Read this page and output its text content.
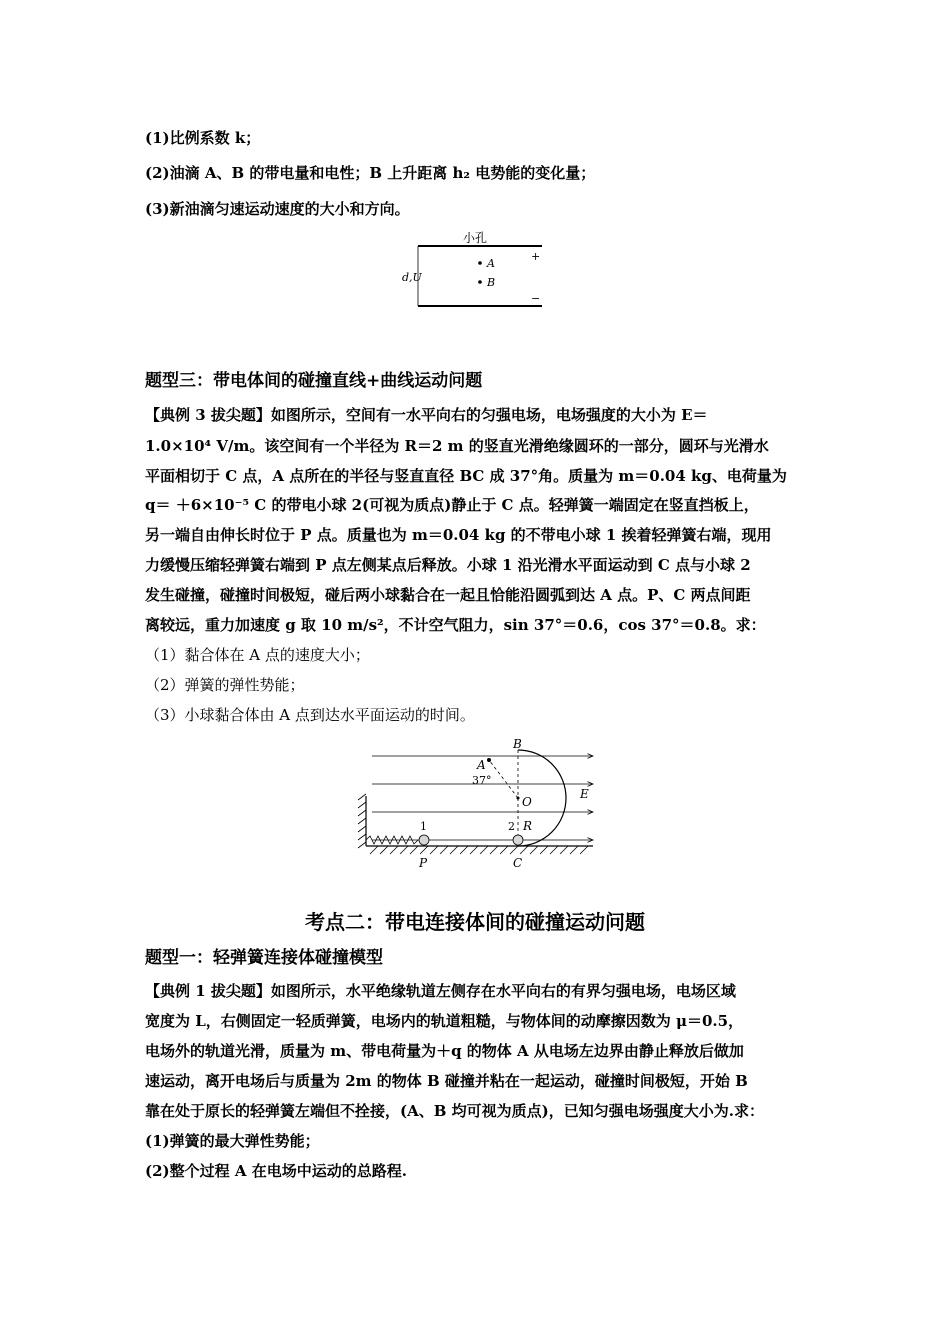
(1)比例系数 k；
(2)油滴 A、B 的带电量和电性；B 上升距离 h₂ 电势能的变化量；
(3)新油滴匀速运动速度的大小和方向。
小孔
A
B
+
−
d,U
题型三：带电体间的碰撞直线+曲线运动问题
【典例 3 拔尖题】如图所示，空间有一水平向右的匀强电场，电场强度的大小为 E＝
1.0×10⁴ V/m。该空间有一个半径为 R＝2 m 的竖直光滑绝缘圆环的一部分，圆环与光滑水
平面相切于 C 点，A 点所在的半径与竖直直径 BC 成 37°角。质量为 m＝0.04 kg、电荷量为
q＝ ＋6×10⁻⁵ C 的带电小球 2(可视为质点)静止于 C 点。轻弹簧一端固定在竖直挡板上，
另一端自由伸长时位于 P 点。质量也为 m＝0.04 kg 的不带电小球 1 挨着轻弹簧右端，现用
力缓慢压缩轻弹簧右端到 P 点左侧某点后释放。小球 1 沿光滑水平面运动到 C 点与小球 2
发生碰撞，碰撞时间极短，碰后两小球黏合在一起且恰能沿圆弧到达 A 点。P、C 两点间距
离较远，重力加速度 g 取 10 m/s²，不计空气阻力，sin 37°＝0.6，cos 37°＝0.8。求：
（1）黏合体在 A 点的速度大小；
（2）弹簧的弹性势能；
（3）小球黏合体由 A 点到达水平面运动的时间。
A
B
37°
O
E
R
1
P
2
C
考点二：带电连接体间的碰撞运动问题
题型一：轻弹簧连接体碰撞模型
【典例 1 拔尖题】如图所示，水平绝缘轨道左侧存在水平向右的有界匀强电场，电场区域
宽度为 L，右侧固定一轻质弹簧，电场内的轨道粗糙，与物体间的动摩擦因数为 μ＝0.5，
电场外的轨道光滑，质量为 m、带电荷量为＋q 的物体 A 从电场左边界由静止释放后做加
速运动，离开电场后与质量为 2m 的物体 B 碰撞并粘在一起运动，碰撞时间极短，开始 B
靠在处于原长的轻弹簧左端但不拴接，(A、B 均可视为质点)，已知匀强电场强度大小为.求：
(1)弹簧的最大弹性势能；
(2)整个过程 A 在电场中运动的总路程.
